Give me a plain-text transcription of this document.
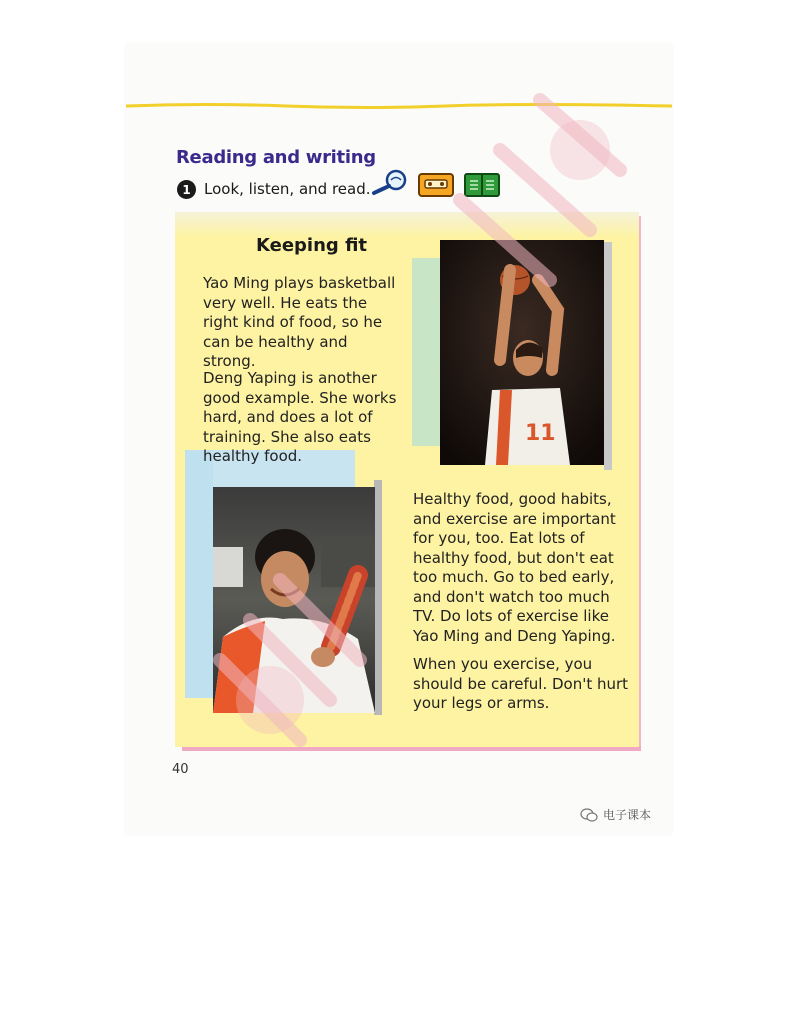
Reading and writing
1 Look, listen, and read.
Keeping fit
Yao Ming plays basketball very well. He eats the right kind of food, so he can be healthy and strong.
Deng Yaping is another good example. She works hard, and does a lot of training. She also eats healthy food.
Healthy food, good habits, and exercise are important for you, too. Eat lots of healthy food, but don't eat too much. Go to bed early, and don't watch too much TV. Do lots of exercise like Yao Ming and Deng Yaping.
When you exercise, you should be careful. Don't hurt your legs or arms.
11
40
电子课本
